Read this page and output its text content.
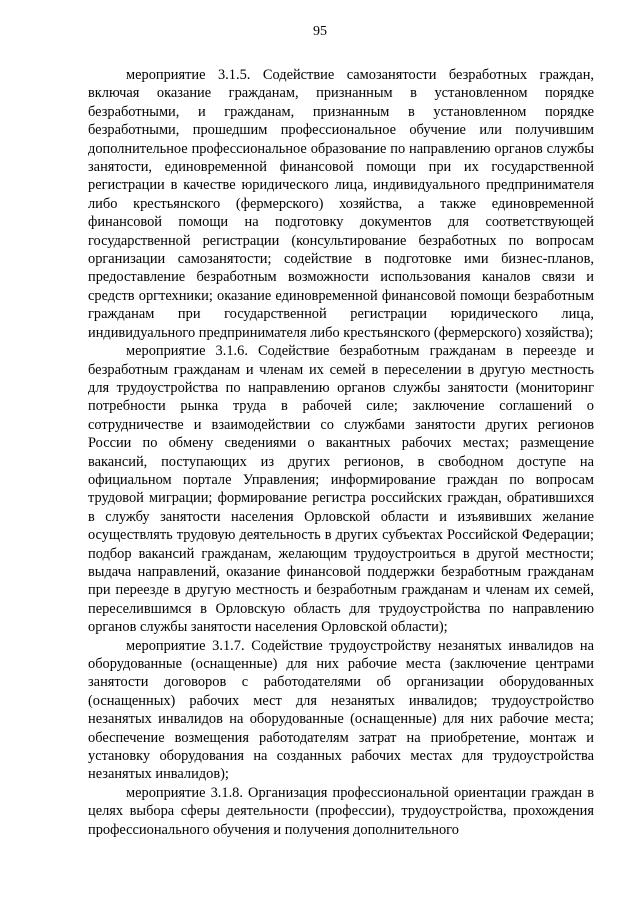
95

мероприятие 3.1.5. Содействие самозанятости безработных граждан, включая оказание гражданам, признанным в установленном порядке безработными, и гражданам, признанным в установленном порядке безработными, прошедшим профессиональное обучение или получившим дополнительное профессиональное образование по направлению органов службы занятости, единовременной финансовой помощи при их государственной регистрации в качестве юридического лица, индивидуального предпринимателя либо крестьянского (фермерского) хозяйства, а также единовременной финансовой помощи на подготовку документов для соответствующей государственной регистрации (консультирование безработных по вопросам организации самозанятости; содействие в подготовке ими бизнес-планов, предоставление безработным возможности использования каналов связи и средств оргтехники; оказание единовременной финансовой помощи безработным гражданам при государственной регистрации юридического лица, индивидуального предпринимателя либо крестьянского (фермерского) хозяйства);

мероприятие 3.1.6. Содействие безработным гражданам в переезде и безработным гражданам и членам их семей в переселении в другую местность для трудоустройства по направлению органов службы занятости (мониторинг потребности рынка труда в рабочей силе; заключение соглашений о сотрудничестве и взаимодействии со службами занятости других регионов России по обмену сведениями о вакантных рабочих местах; размещение вакансий, поступающих из других регионов, в свободном доступе на официальном портале Управления; информирование граждан по вопросам трудовой миграции; формирование регистра российских граждан, обратившихся в службу занятости населения Орловской области и изъявивших желание осуществлять трудовую деятельность в других субъектах Российской Федерации; подбор вакансий гражданам, желающим трудоустроиться в другой местности; выдача направлений, оказание финансовой поддержки безработным гражданам при переезде в другую местность и безработным гражданам и членам их семей, переселившимся в Орловскую область для трудоустройства по направлению органов службы занятости населения Орловской области);

мероприятие 3.1.7. Содействие трудоустройству незанятых инвалидов на оборудованные (оснащенные) для них рабочие места (заключение центрами занятости договоров с работодателями об организации оборудованных (оснащенных) рабочих мест для незанятых инвалидов; трудоустройство незанятых инвалидов на оборудованные (оснащенные) для них рабочие места; обеспечение возмещения работодателям затрат на приобретение, монтаж и установку оборудования на созданных рабочих местах для трудоустройства незанятых инвалидов);

мероприятие 3.1.8. Организация профессиональной ориентации граждан в целях выбора сферы деятельности (профессии), трудоустройства, прохождения профессионального обучения и получения дополнительного
